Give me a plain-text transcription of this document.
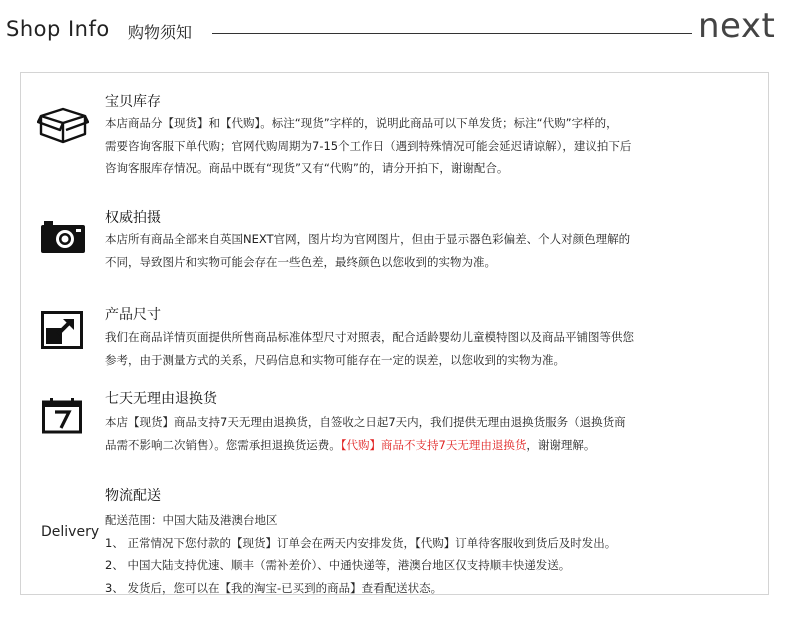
Shop Info 购物须知	next
宝贝库存
本店商品分【现货】和【代购】。标注“现货”字样的，说明此商品可以下单发货；标注“代购”字样的，
需要咨询客服下单代购；官网代购周期为7-15个工作日（遇到特殊情况可能会延迟请谅解），建议拍下后
咨询客服库存情况。商品中既有“现货”又有“代购”的，请分开拍下，谢谢配合。
权威拍摄
本店所有商品全部来自英国NEXT官网，图片均为官网图片，但由于显示器色彩偏差、个人对颜色理解的
不同，导致图片和实物可能会存在一些色差，最终颜色以您收到的实物为准。
产品尺寸
我们在商品详情页面提供所售商品标准体型尺寸对照表，配合适龄婴幼儿童模特图以及商品平铺图等供您
参考，由于测量方式的关系，尺码信息和实物可能存在一定的误差，以您收到的实物为准。
七天无理由退换货
本店【现货】商品支持7天无理由退换货，自签收之日起7天内，我们提供无理由退换货服务（退换货商
品需不影响二次销售）。您需承担退换货运费。【代购】商品不支持7天无理由退换货，谢谢理解。
Delivery
物流配送
配送范围：中国大陆及港澳台地区
1、 正常情况下您付款的【现货】订单会在两天内安排发货，【代购】订单待客服收到货后及时发出。
2、 中国大陆支持优速、顺丰（需补差价）、中通快递等，港澳台地区仅支持顺丰快递发送。
3、 发货后，您可以在【我的淘宝-已买到的商品】查看配送状态。
